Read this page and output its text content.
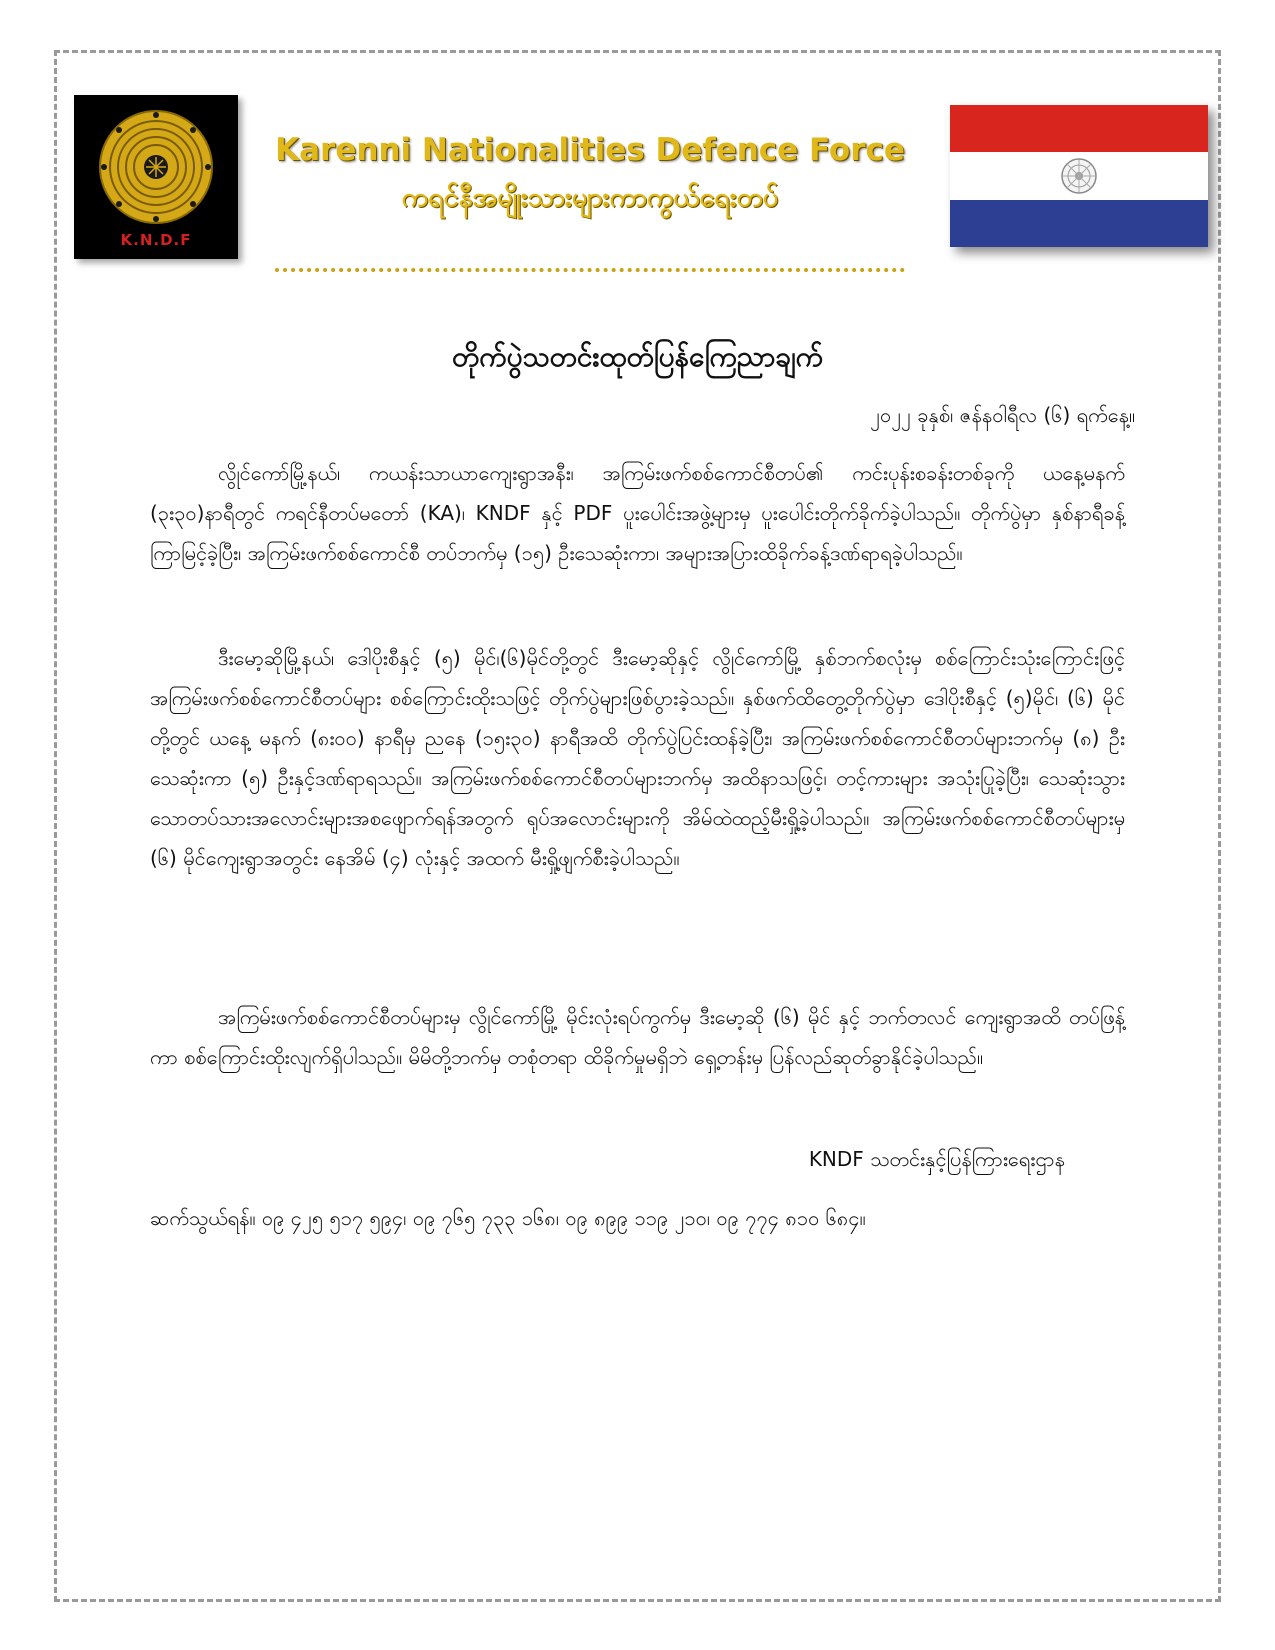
K.N.D.F
Karenni Nationalities Defence Force
ကရင်နီအမျိုးသားများကာကွယ်ရေးတပ်
တိုက်ပွဲသတင်းထုတ်ပြန်ကြေညာချက်
၂၀၂၂ ခုနှစ်၊ ဇန်နဝါရီလ (၆) ရက်နေ့။

လွိုင်ကော်မြို့နယ်၊ ကယန်းသာယာကျေးရွာအနီး၊ အကြမ်းဖက်စစ်ကောင်စီတပ်၏ ကင်းပုန်းစခန်းတစ်ခုကို ယနေ့မနက် (၃း၃၀)နာရီတွင် ကရင်နီတပ်မတော် (KA)၊ KNDF နှင့် PDF ပူးပေါင်းအဖွဲ့များမှ ပူးပေါင်းတိုက်ခိုက်ခဲ့ပါသည်။ တိုက်ပွဲမှာ နှစ်နာရီခန့်ကြာမြင့်ခဲ့ပြီး၊ အကြမ်းဖက်စစ်ကောင်စီ တပ်ဘက်မှ (၁၅) ဦးသေဆုံးကာ၊ အများအပြားထိခိုက်ခန့်ဒဏ်ရာရခဲ့ပါသည်။

ဒီးမော့ဆိုမြို့နယ်၊ ဒေါပိုးစီနှင့် (၅) မိုင်၊(၆)မိုင်တို့တွင် ဒီးမော့ဆိုနှင့် လွိုင်ကော်မြို့ နှစ်ဘက်စလုံးမှ စစ်ကြောင်းသုံးကြောင်းဖြင့် အကြမ်းဖက်စစ်ကောင်စီတပ်များ စစ်ကြောင်းထိုးသဖြင့် တိုက်ပွဲများဖြစ်ပွားခဲ့သည်။ နှစ်ဖက်ထိတွေ့တိုက်ပွဲမှာ ဒေါပိုးစီနှင့် (၅)မိုင်၊ (၆) မိုင်တို့တွင် ယနေ့ မနက် (၈း၀၀) နာရီမှ ညနေ (၁၅း၃၀) နာရီအထိ တိုက်ပွဲပြင်းထန်ခဲ့ပြီး၊ အကြမ်းဖက်စစ်ကောင်စီတပ်များဘက်မှ (၈) ဦးသေဆုံးကာ (၅) ဦးနှင့်ဒဏ်ရာရသည်။ အကြမ်းဖက်စစ်ကောင်စီတပ်များဘက်မှ အထိနာသဖြင့်၊ တင့်ကားများ အသုံးပြုခဲ့ပြီး၊ သေဆုံးသွားသောတပ်သားအလောင်းများအစဖျောက်ရန်အတွက် ရုပ်အလောင်းများကို အိမ်ထဲထည့်မီးရှို့ခဲ့ပါသည်။ အကြမ်းဖက်စစ်ကောင်စီတပ်များမှ (၆) မိုင်ကျေးရွာအတွင်း နေအိမ် (၄) လုံးနှင့် အထက် မီးရှို့ဖျက်စီးခဲ့ပါသည်။

အကြမ်းဖက်စစ်ကောင်စီတပ်များမှ လွိုင်ကော်မြို့ မိုင်းလုံးရပ်ကွက်မှ ဒီးမော့ဆို (၆) မိုင် နှင့် ဘက်တလင် ကျေးရွာအထိ တပ်ဖြန့်ကာ စစ်ကြောင်းထိုးလျက်ရှိပါသည်။ မိမိတို့ဘက်မှ တစုံတရာ ထိခိုက်မှုမရှိဘဲ ရှေ့တန်းမှ ပြန်လည်ဆုတ်ခွာနိုင်ခဲ့ပါသည်။

KNDF သတင်းနှင့်ပြန်ကြားရေးဌာန
ဆက်သွယ်ရန်။ ၀၉ ၄၂၅ ၅၁၇ ၅၉၄၊ ၀၉ ၇၆၅ ၇၃၃ ၁၆၈၊ ၀၉ ၈၉၉ ၁၁၉ ၂၁၀၊ ၀၉ ၇၇၄ ၈၁၀ ၆၈၄။
